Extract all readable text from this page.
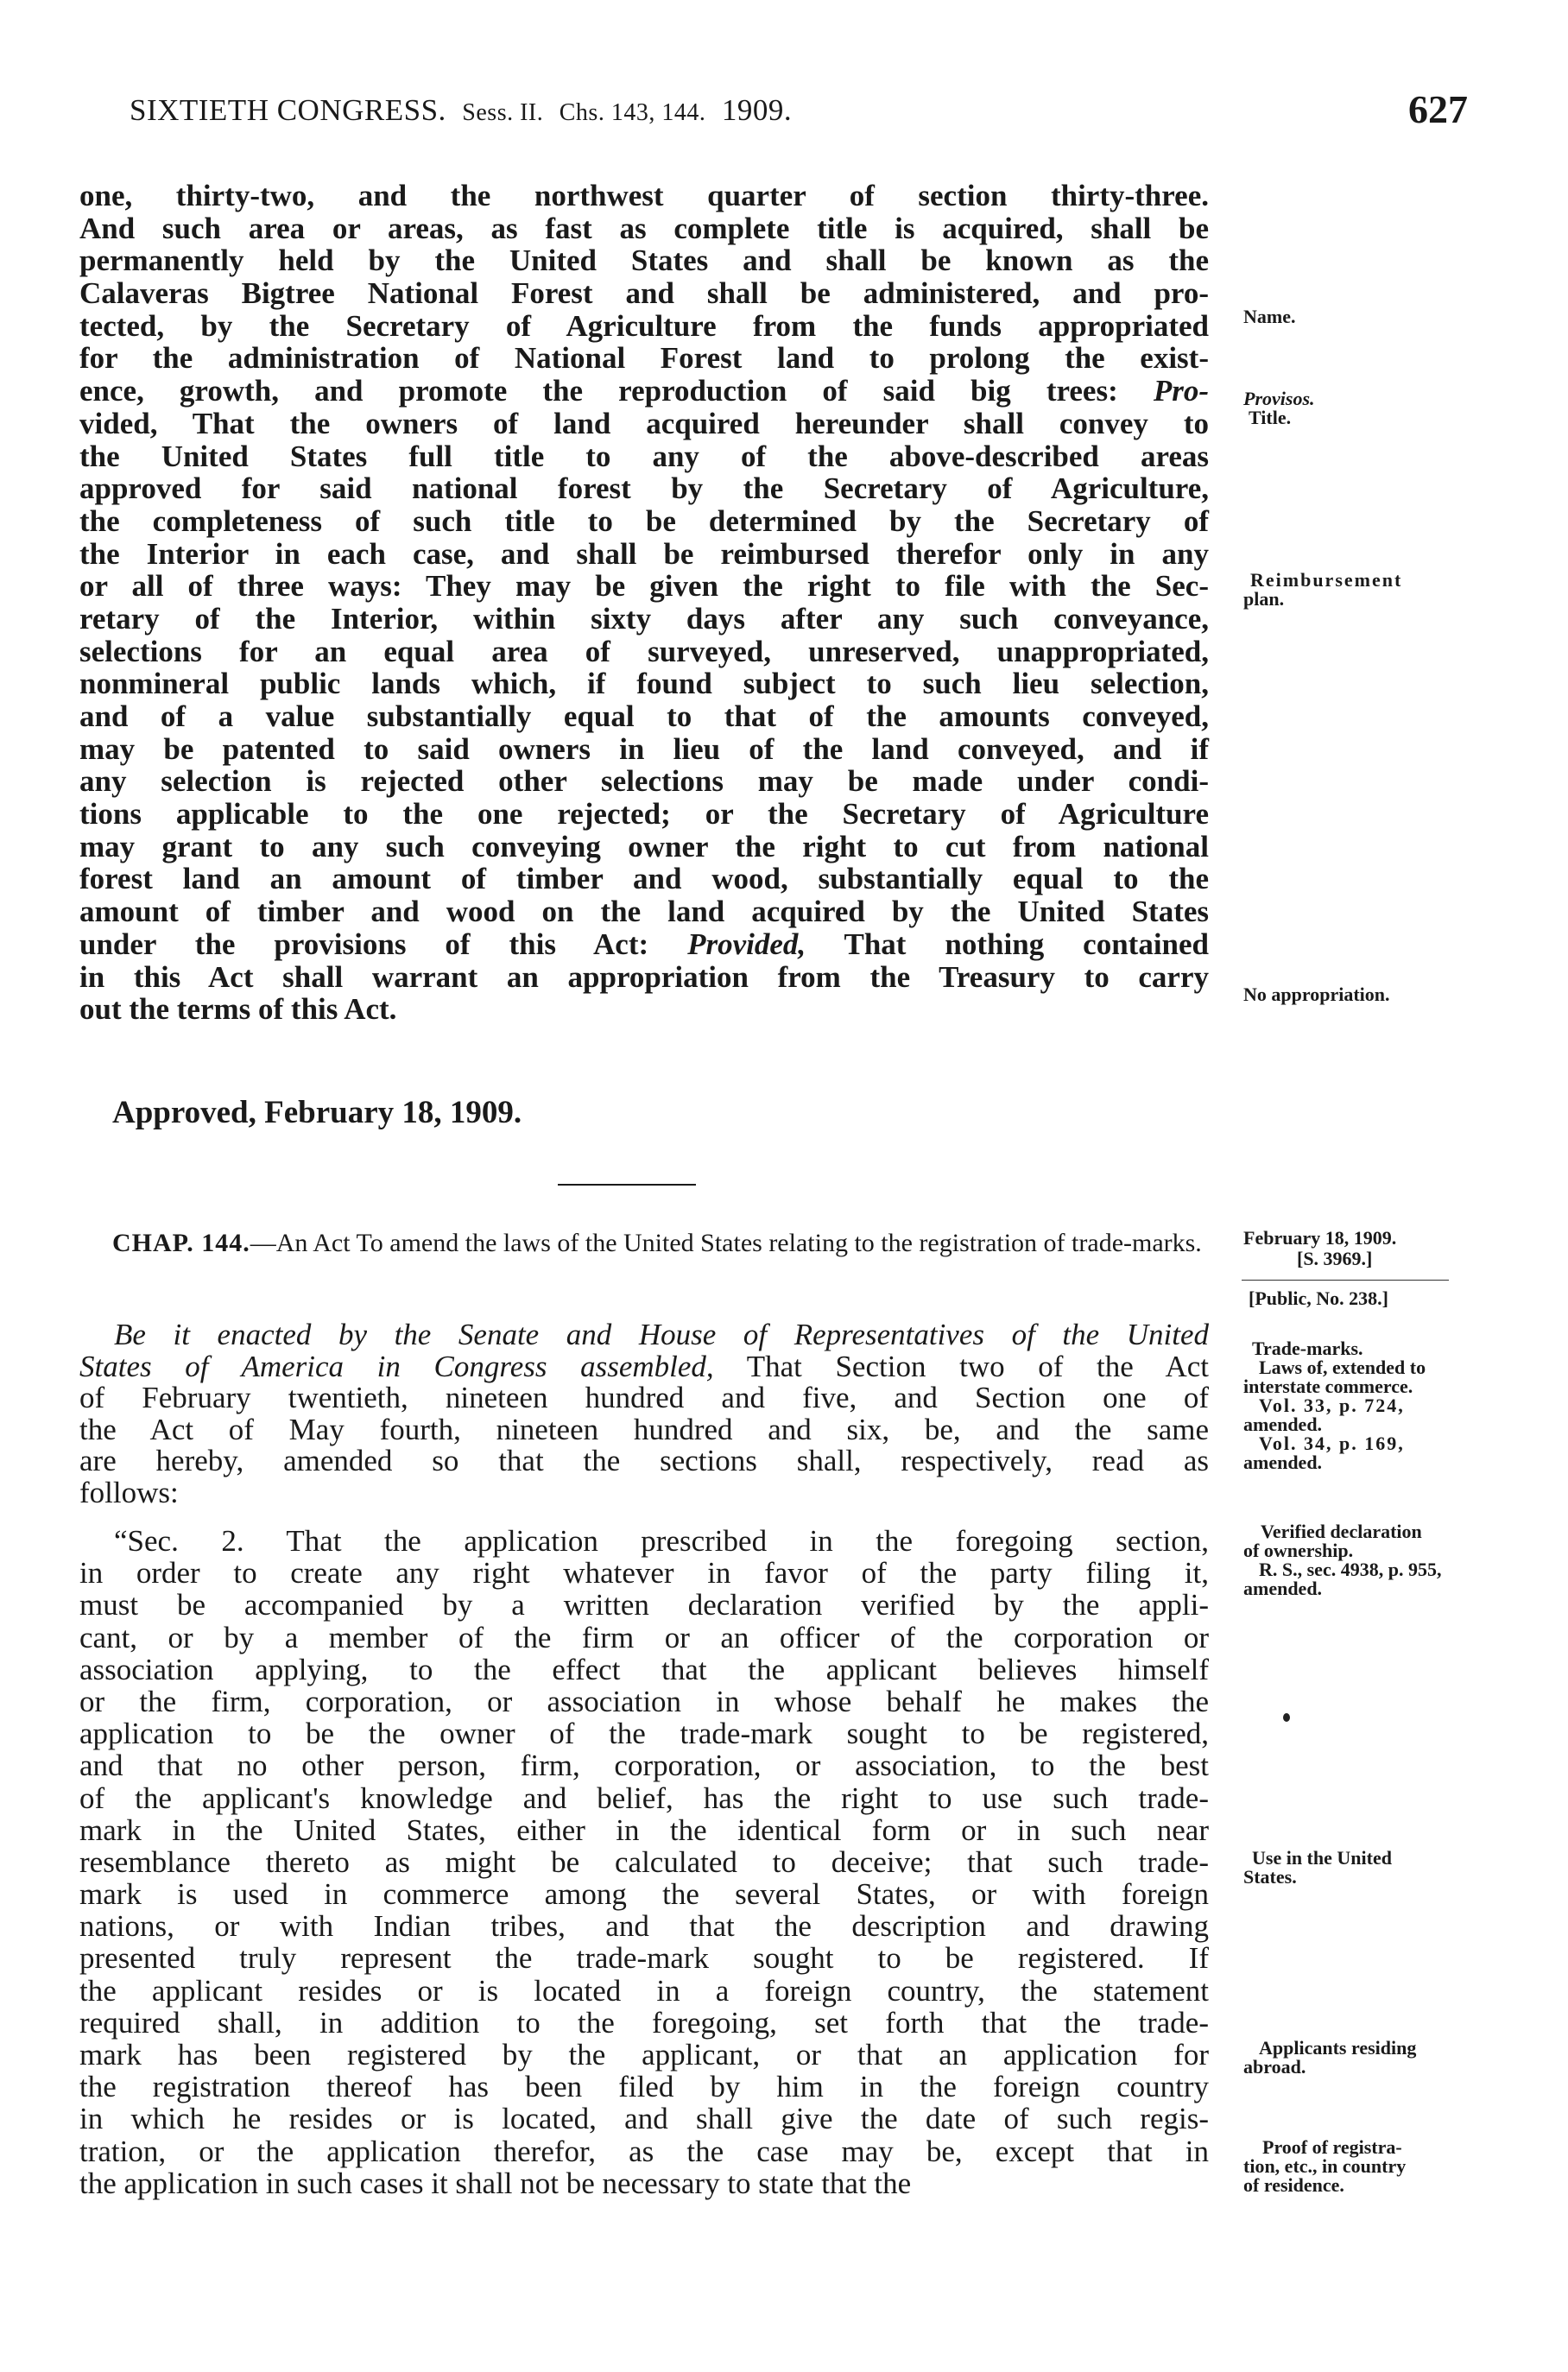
SIXTIETH CONGRESS. Sess. II. Chs. 143, 144. 1909.	627
one, thirty-two, and the northwest quarter of section thirty-three.
And such area or areas, as fast as complete title is acquired, shall be
permanently held by the United States and shall be known as the
Calaveras Bigtree National Forest and shall be administered, and pro-
tected, by the Secretary of Agriculture from the funds appropriated
for the administration of National Forest land to prolong the exist-
ence, growth, and promote the reproduction of said big trees: Pro-
vided, That the owners of land acquired hereunder shall convey to
the United States full title to any of the above-described areas
approved for said national forest by the Secretary of Agriculture,
the completeness of such title to be determined by the Secretary of
the Interior in each case, and shall be reimbursed therefor only in any
or all of three ways: They may be given the right to file with the Sec-
retary of the Interior, within sixty days after any such conveyance,
selections for an equal area of surveyed, unreserved, unappropriated,
nonmineral public lands which, if found subject to such lieu selection,
and of a value substantially equal to that of the amounts conveyed,
may be patented to said owners in lieu of the land conveyed, and if
any selection is rejected other selections may be made under condi-
tions applicable to the one rejected; or the Secretary of Agriculture
may grant to any such conveying owner the right to cut from national
forest land an amount of timber and wood, substantially equal to the
amount of timber and wood on the land acquired by the United States
under the provisions of this Act: Provided, That nothing contained
in this Act shall warrant an appropriation from the Treasury to carry
out the terms of this Act.
Approved, February 18, 1909.
CHAP. 144.—An Act To amend the laws of the United States relating to the registration of trade-marks.
Be it enacted by the Senate and House of Representatives of the United
States of America in Congress assembled, That Section two of the Act
of February twentieth, nineteen hundred and five, and Section one of
the Act of May fourth, nineteen hundred and six, be, and the same
are hereby, amended so that the sections shall, respectively, read as
follows:
“Sec. 2. That the application prescribed in the foregoing section,
in order to create any right whatever in favor of the party filing it,
must be accompanied by a written declaration verified by the appli-
cant, or by a member of the firm or an officer of the corporation or
association applying, to the effect that the applicant believes himself
or the firm, corporation, or association in whose behalf he makes the
application to be the owner of the trade-mark sought to be registered,
and that no other person, firm, corporation, or association, to the best
of the applicant's knowledge and belief, has the right to use such trade-
mark in the United States, either in the identical form or in such near
resemblance thereto as might be calculated to deceive; that such trade-
mark is used in commerce among the several States, or with foreign
nations, or with Indian tribes, and that the description and drawing
presented truly represent the trade-mark sought to be registered. If
the applicant resides or is located in a foreign country, the statement
required shall, in addition to the foregoing, set forth that the trade-
mark has been registered by the applicant, or that an application for
the registration thereof has been filed by him in the foreign country
in which he resides or is located, and shall give the date of such regis-
tration, or the application therefor, as the case may be, except that in
the application in such cases it shall not be necessary to state that the
Name.
Provisos.
Title.
Reimbursement
plan.
No appropriation.
February 18, 1909.
[S. 3969.]
[Public, No. 238.]
Trade-marks.
Laws of, extended to
interstate commerce.
Vol. 33, p. 724,
amended.
Vol. 34, p. 169,
amended.
Verified declaration
of ownership.
R. S., sec. 4938, p. 955,
amended.
Use in the United
States.
Applicants residing
abroad.
Proof of registra-
tion, etc., in country
of residence.
